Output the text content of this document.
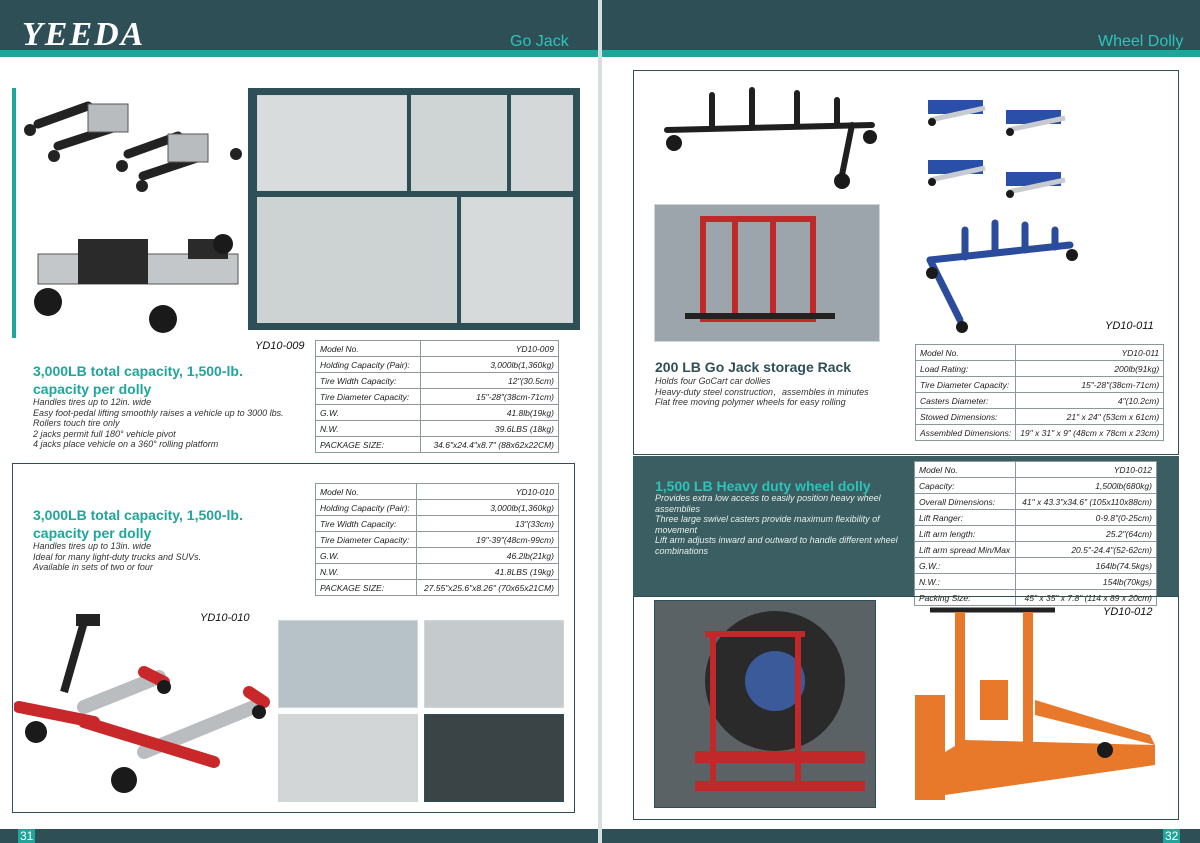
YEEDA	Go Jack	Wheel Dolly
31	32
YD10-009
3,000LB total capacity, 1,500-lb.
capacity per dolly
Handles tires up to 12in. wide
Easy foot-pedal lifting smoothly raises a vehicle up to 3000 lbs.
Rollers touch tire only
2 jacks permit full 180° vehicle pivot
4 jacks place vehicle on a 360° rolling platform
Model No.	YD10-009
Holding Capacity (Pair):	3,000lb(1,360kg)
Tire Width Capacity:	12"(30.5cm)
Tire Diameter Capacity:	15"-28"(38cm-71cm)
G.W.	41.8lb(19kg)
N.W.	39.6LBS (18kg)
PACKAGE SIZE:	34.6"x24.4"x8.7" (88x62x22CM)
3,000LB total capacity, 1,500-lb.
capacity per dolly
Handles tires up to 13in. wide
Ideal for many light-duty trucks and SUVs.
Available in sets of two or four
Model No.	YD10-010
Holding Capacity (Pair):	3,000lb(1,360kg)
Tire Width Capacity:	13"(33cm)
Tire Diameter Capacity:	19"-39"(48cm-99cm)
G.W.	46.2lb(21kg)
N.W.	41.8LBS (19kg)
PACKAGE SIZE:	27.55"x25.6"x8.26" (70x65x21CM)
YD10-010
YD10-011
200 LB Go Jack storage Rack
Holds four GoCart car dollies
Heavy-duty steel construction，assembles in minutes
Flat free moving polymer wheels for easy rolling
Model No.	YD10-011
Load Rating:	200lb(91kg)
Tire Diameter Capacity:	15"-28"(38cm-71cm)
Casters Diameter:	4"(10.2cm)
Stowed Dimensions:	21" x 24" (53cm x 61cm)
Assembled Dimensions:	19" x 31" x 9" (48cm x 78cm x 23cm)
1,500 LB Heavy duty wheel dolly
Provides extra low access to easily position heavy wheel
assemblies
Three large swivel casters provide maximum flexibility of
movement
Lift arm adjusts inward and outward to handle different wheel
combinations
Model No.	YD10-012
Capacity:	1,500lb(680kg)
Overall Dimensions:	41" x 43.3"x34.6" (105x110x88cm)
Lift Ranger:	0-9.8"(0-25cm)
Lift arm length:	25.2"(64cm)
Lift arm spread Min/Max	20.5"-24.4"(52-62cm)
G.W.:	164lb(74.5kgs)
N.W.:	154lb(70kgs)
Packing Size:	45" x 35" x 7.8" (114 x 89 x 20cm)
YD10-012
